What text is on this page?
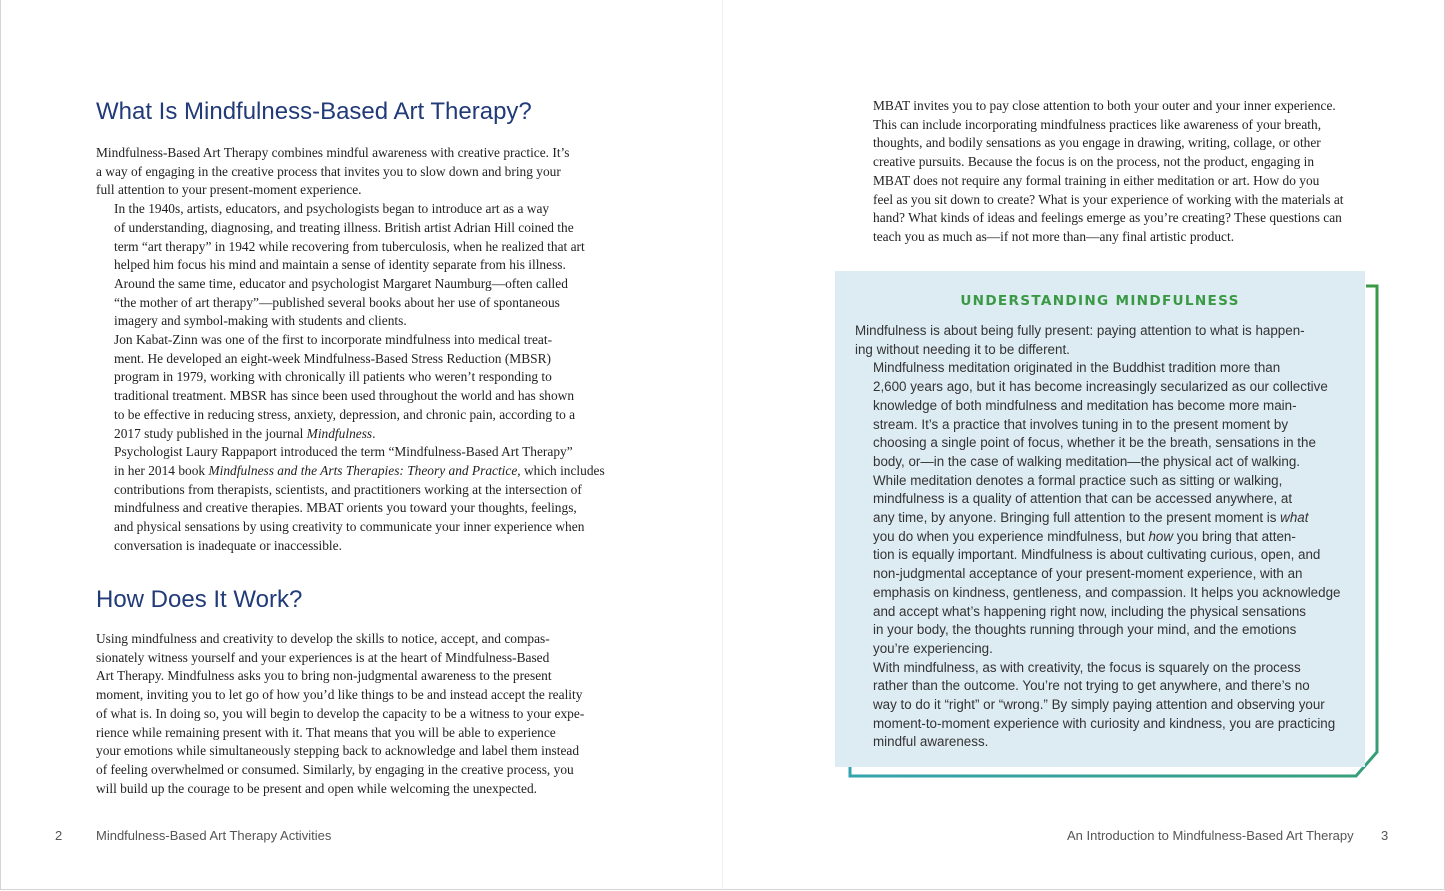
What Is Mindfulness-Based Art Therapy?

Mindfulness-Based Art Therapy combines mindful awareness with creative practice. It’s
a way of engaging in the creative process that invites you to slow down and bring your
full attention to your present-moment experience.

In the 1940s, artists, educators, and psychologists began to introduce art as a way
of understanding, diagnosing, and treating illness. British artist Adrian Hill coined the
term “art therapy” in 1942 while recovering from tuberculosis, when he realized that art
helped him focus his mind and maintain a sense of identity separate from his illness.
Around the same time, educator and psychologist Margaret Naumburg—often called
“the mother of art therapy”—published several books about her use of spontaneous
imagery and symbol-making with students and clients.

Jon Kabat-Zinn was one of the first to incorporate mindfulness into medical treat-
ment. He developed an eight-week Mindfulness-Based Stress Reduction (MBSR)
program in 1979, working with chronically ill patients who weren’t responding to
traditional treatment. MBSR has since been used throughout the world and has shown
to be effective in reducing stress, anxiety, depression, and chronic pain, according to a
2017 study published in the journal Mindfulness.

Psychologist Laury Rappaport introduced the term “Mindfulness-Based Art Therapy”
in her 2014 book Mindfulness and the Arts Therapies: Theory and Practice, which includes
contributions from therapists, scientists, and practitioners working at the intersection of
mindfulness and creative therapies. MBAT orients you toward your thoughts, feelings,
and physical sensations by using creativity to communicate your inner experience when
conversation is inadequate or inaccessible.

How Does It Work?

Using mindfulness and creativity to develop the skills to notice, accept, and compas-
sionately witness yourself and your experiences is at the heart of Mindfulness-Based
Art Therapy. Mindfulness asks you to bring non-judgmental awareness to the present
moment, inviting you to let go of how you’d like things to be and instead accept the reality
of what is. In doing so, you will begin to develop the capacity to be a witness to your expe-
rience while remaining present with it. That means that you will be able to experience
your emotions while simultaneously stepping back to acknowledge and label them instead
of feeling overwhelmed or consumed. Similarly, by engaging in the creative process, you
will build up the courage to be present and open while welcoming the unexpected.

2	Mindfulness-Based Art Therapy Activities

MBAT invites you to pay close attention to both your outer and your inner experience.
This can include incorporating mindfulness practices like awareness of your breath,
thoughts, and bodily sensations as you engage in drawing, writing, collage, or other
creative pursuits. Because the focus is on the process, not the product, engaging in
MBAT does not require any formal training in either meditation or art. How do you
feel as you sit down to create? What is your experience of working with the materials at
hand? What kinds of ideas and feelings emerge as you’re creating? These questions can
teach you as much as—if not more than—any final artistic product.

UNDERSTANDING MINDFULNESS

Mindfulness is about being fully present: paying attention to what is happen-
ing without needing it to be different.

Mindfulness meditation originated in the Buddhist tradition more than
2,600 years ago, but it has become increasingly secularized as our collective
knowledge of both mindfulness and meditation has become more main-
stream. It’s a practice that involves tuning in to the present moment by
choosing a single point of focus, whether it be the breath, sensations in the
body, or—in the case of walking meditation—the physical act of walking.

While meditation denotes a formal practice such as sitting or walking,
mindfulness is a quality of attention that can be accessed anywhere, at
any time, by anyone. Bringing full attention to the present moment is what
you do when you experience mindfulness, but how you bring that atten-
tion is equally important. Mindfulness is about cultivating curious, open, and
non-judgmental acceptance of your present-moment experience, with an
emphasis on kindness, gentleness, and compassion. It helps you acknowledge
and accept what’s happening right now, including the physical sensations
in your body, the thoughts running through your mind, and the emotions
you’re experiencing.

With mindfulness, as with creativity, the focus is squarely on the process
rather than the outcome. You’re not trying to get anywhere, and there’s no
way to do it “right” or “wrong.” By simply paying attention and observing your
moment-to-moment experience with curiosity and kindness, you are practicing
mindful awareness.

An Introduction to Mindfulness-Based Art Therapy 3
